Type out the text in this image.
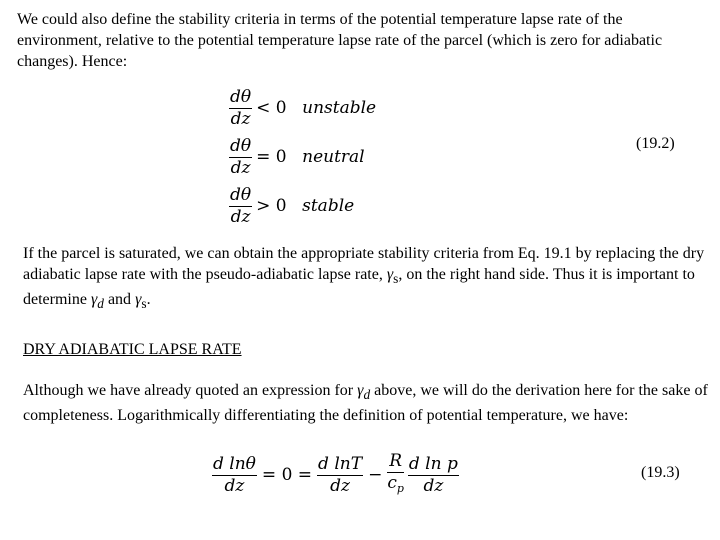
We could also define the stability criteria in terms of the potential temperature lapse rate of the environment, relative to the potential temperature lapse rate of the parcel (which is zero for adiabatic changes). Hence:

$\frac{d\theta}{dz} < 0$ unstable
$\frac{d\theta}{dz} = 0$ neutral
$\frac{d\theta}{dz} > 0$ stable
(19.2)

If the parcel is saturated, we can obtain the appropriate stability criteria from Eq. 19.1 by replacing the dry adiabatic lapse rate with the pseudo-adiabatic lapse rate, $\gamma_s$, on the right hand side. Thus it is important to determine $\gamma_d$ and $\gamma_s$.

DRY ADIABATIC LAPSE RATE

Although we have already quoted an expression for $\gamma_d$ above, we will do the derivation here for the sake of completeness. Logarithmically differentiating the definition of potential temperature, we have:

$\frac{\text{d lnθ}}{dz} = 0 = \frac{\text{d lnT}}{dz} - \frac{R}{c_p} \frac{\text{d ln p}}{dz}$	(19.3)
